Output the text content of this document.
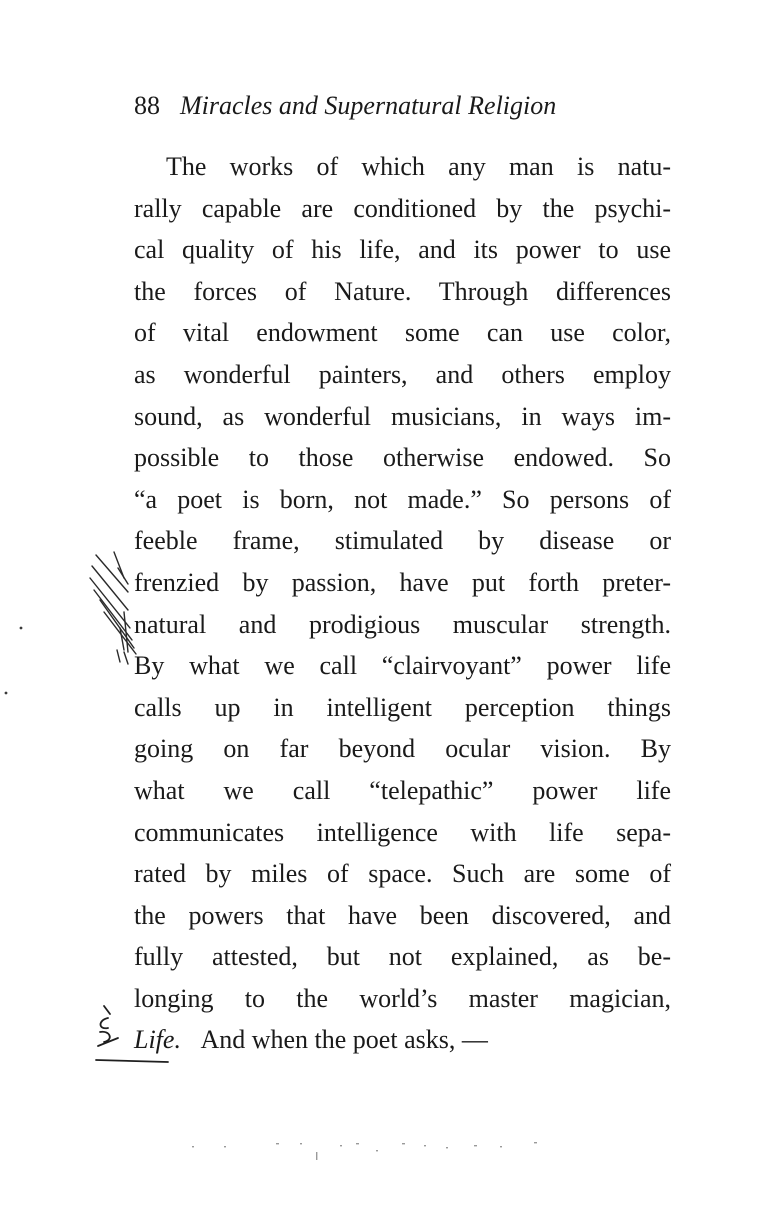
88 Miracles and Supernatural Religion
The works of which any man is natu-
rally capable are conditioned by the psychi-
cal quality of his life, and its power to use
the forces of Nature. Through differences
of vital endowment some can use color,
as wonderful painters, and others employ
sound, as wonderful musicians, in ways im-
possible to those otherwise endowed. So
“a poet is born, not made.” So persons of
feeble frame, stimulated by disease or
frenzied by passion, have put forth preter-
natural and prodigious muscular strength.
By what we call “clairvoyant” power life
calls up in intelligent perception things
going on far beyond ocular vision. By
what we call “telepathic” power life
communicates intelligence with life sepa-
rated by miles of space. Such are some of
the powers that have been discovered, and
fully attested, but not explained, as be-
longing to the world’s master magician,
Life. And when the poet asks, —
